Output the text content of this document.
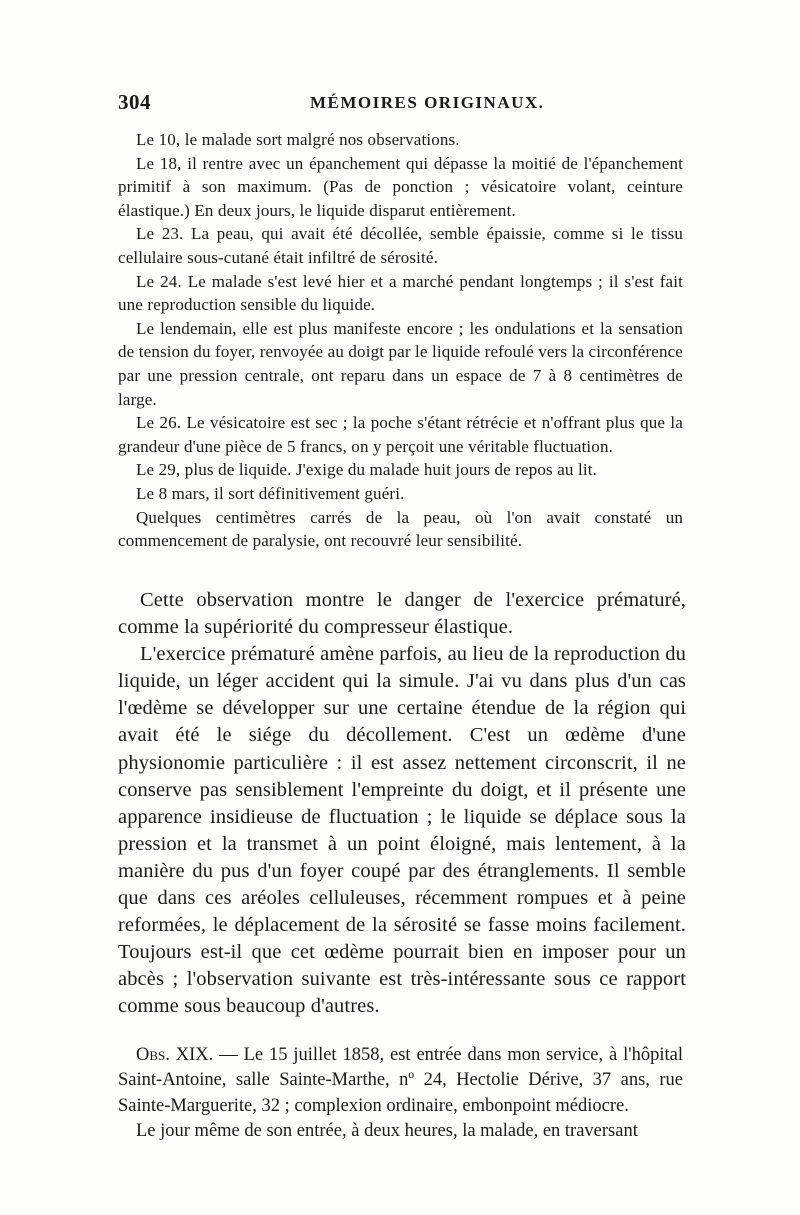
304	MÉMOIRES ORIGINAUX.

Le 10, le malade sort malgré nos observations.

Le 18, il rentre avec un épanchement qui dépasse la moitié de l'épanchement primitif à son maximum. (Pas de ponction ; vésicatoire volant, ceinture élastique.) En deux jours, le liquide disparut entièrement.

Le 23. La peau, qui avait été décollée, semble épaissie, comme si le tissu cellulaire sous-cutané était infiltré de sérosité.

Le 24. Le malade s'est levé hier et a marché pendant longtemps ; il s'est fait une reproduction sensible du liquide.

Le lendemain, elle est plus manifeste encore ; les ondulations et la sensation de tension du foyer, renvoyée au doigt par le liquide refoulé vers la circonférence par une pression centrale, ont reparu dans un espace de 7 à 8 centimètres de large.

Le 26. Le vésicatoire est sec ; la poche s'étant rétrécie et n'offrant plus que la grandeur d'une pièce de 5 francs, on y perçoit une véritable fluctuation.

Le 29, plus de liquide. J'exige du malade huit jours de repos au lit.

Le 8 mars, il sort définitivement guéri.

Quelques centimètres carrés de la peau, où l'on avait constaté un commencement de paralysie, ont recouvré leur sensibilité.

Cette observation montre le danger de l'exercice prématuré, comme la supériorité du compresseur élastique.

L'exercice prématuré amène parfois, au lieu de la reproduction du liquide, un léger accident qui la simule. J'ai vu dans plus d'un cas l'œdème se développer sur une certaine étendue de la région qui avait été le siége du décollement. C'est un œdème d'une physionomie particulière : il est assez nettement circonscrit, il ne conserve pas sensiblement l'empreinte du doigt, et il présente une apparence insidieuse de fluctuation ; le liquide se déplace sous la pression et la transmet à un point éloigné, mais lentement, à la manière du pus d'un foyer coupé par des étranglements. Il semble que dans ces aréoles celluleuses, récemment rompues et à peine reformées, le déplacement de la sérosité se fasse moins facilement. Toujours est-il que cet œdème pourrait bien en imposer pour un abcès ; l'observation suivante est très-intéressante sous ce rapport comme sous beaucoup d'autres.

Obs. XIX. — Le 15 juillet 1858, est entrée dans mon service, à l'hôpital Saint-Antoine, salle Sainte-Marthe, nº 24, Hectolie Dérive, 37 ans, rue Sainte-Marguerite, 32 ; complexion ordinaire, embonpoint médiocre.

Le jour même de son entrée, à deux heures, la malade, en traversant
